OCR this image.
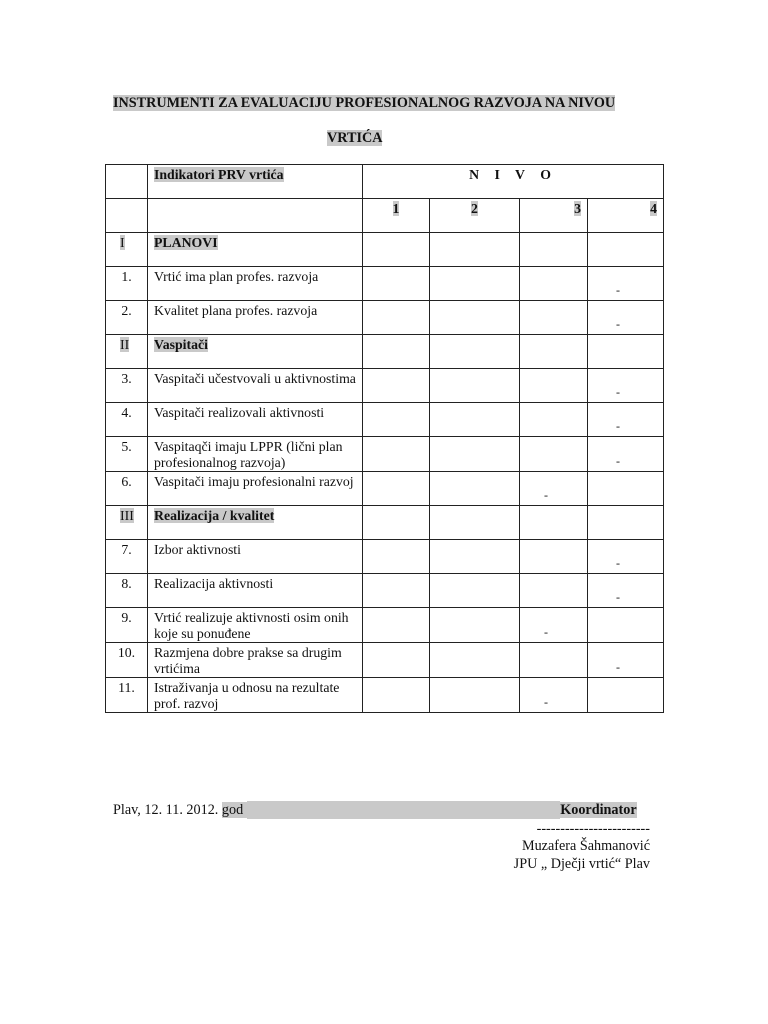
INSTRUMENTI ZA EVALUACIJU PROFESIONALNOG RAZVOJA NA NIVOU
VRTIĆA
	Indikatori PRV vrtića	N I V O			
		1	2	3	4
I	PLANOVI				
1.	Vrtić ima plan profes. razvoja				-

2.	Kvalitet plana profes. razvoja				-

II	Vaspitači				
3.	Vaspitači učestvovali u aktivnostima				-

4.	Vaspitači realizovali aktivnosti				-

5.	Vaspitaqči imaju LPPR (lični plan profesionalnog razvoja)				-

6.	Vaspitači imaju profesionalni razvoj			-	

III	Realizacija / kvalitet				
7.	Izbor aktivnosti				-

8.	Realizacija aktivnosti				-

9.	Vrtić realizuje aktivnosti osim onih koje su ponuđene			-	

10.	Razmjena dobre prakse sa drugim vrtićima				-

11.	Istraživanja u odnosu na rezultate prof. razvoj			-	

Plav, 12. 11. 2012. god	Koordinator
------------------------
Muzafera Šahmanović
JPU „ Dječji vrtić“ Plav
